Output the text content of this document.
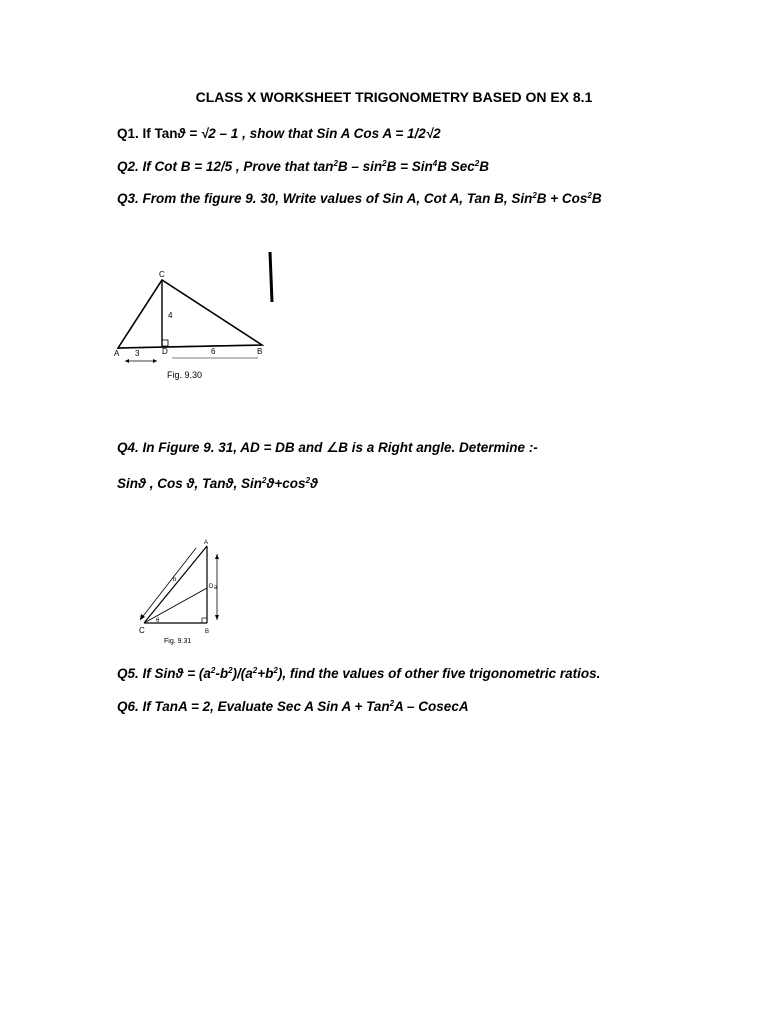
CLASS X WORKSHEET TRIGONOMETRY BASED ON EX 8.1
Q1. If Tanϑ = √2 – 1 , show that Sin A Cos A = 1/2√2
Q2. If Cot B = 12/5 , Prove that $\tan^2B - \sin^2B = Sin^4B$ Sec$^2$B
Q3. From the figure 9. 30, Write values of Sin A, Cot A, Tan B, Sin$^2$B + Cos$^2$B
C
A	D	B
4
3	6
Fig. 9.30
Q4. In Figure 9. 31, AD = DB and ∠B is a Right angle. Determine :-
Sinϑ , Cos ϑ, Tanϑ, $Sin^2ϑ+\cos^2ϑ$
A
D a
b
θ
C	B
Fig. 9.31
Q5. If $Sinϑ = (a^2-b^2)/(a^2+b^2)$, find the values of other five trigonometric ratios.
Q6. If TanA = 2, Evaluate Sec A Sin A + Tan$^2$A – CosecA
